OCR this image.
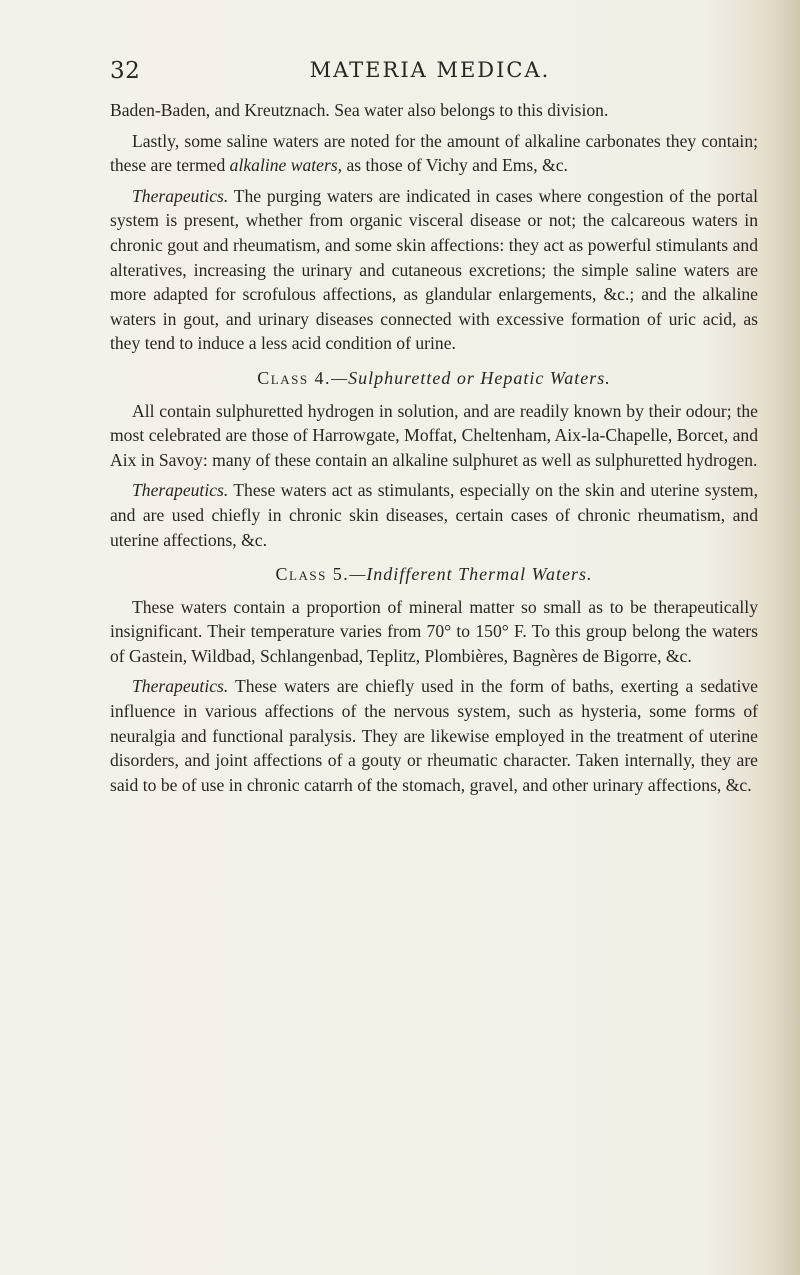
32	MATERIA MEDICA.

Baden-Baden, and Kreutznach. Sea water also belongs to this division.

Lastly, some saline waters are noted for the amount of alkaline carbonates they contain; these are termed alkaline waters, as those of Vichy and Ems, &c.

Therapeutics. The purging waters are indicated in cases where congestion of the portal system is present, whether from organic visceral disease or not; the calcareous waters in chronic gout and rheumatism, and some skin affections: they act as powerful stimulants and alteratives, increasing the urinary and cutaneous excretions; the simple saline waters are more adapted for scrofulous affections, as glandular enlargements, &c.; and the alkaline waters in gout, and urinary diseases connected with excessive formation of uric acid, as they tend to induce a less acid condition of urine.

Class 4.—Sulphuretted or Hepatic Waters.

All contain sulphuretted hydrogen in solution, and are readily known by their odour; the most celebrated are those of Harrowgate, Moffat, Cheltenham, Aix-la-Chapelle, Borcet, and Aix in Savoy: many of these contain an alkaline sulphuret as well as sulphuretted hydrogen.

Therapeutics. These waters act as stimulants, especially on the skin and uterine system, and are used chiefly in chronic skin diseases, certain cases of chronic rheumatism, and uterine affections, &c.

Class 5.—Indifferent Thermal Waters.

These waters contain a proportion of mineral matter so small as to be therapeutically insignificant. Their temperature varies from 70° to 150° F. To this group belong the waters of Gastein, Wildbad, Schlangenbad, Teplitz, Plombières, Bagnères de Bigorre, &c.

Therapeutics. These waters are chiefly used in the form of baths, exerting a sedative influence in various affections of the nervous system, such as hysteria, some forms of neuralgia and functional paralysis. They are likewise employed in the treatment of uterine disorders, and joint affections of a gouty or rheumatic character. Taken internally, they are said to be of use in chronic catarrh of the stomach, gravel, and other urinary affections, &c.
